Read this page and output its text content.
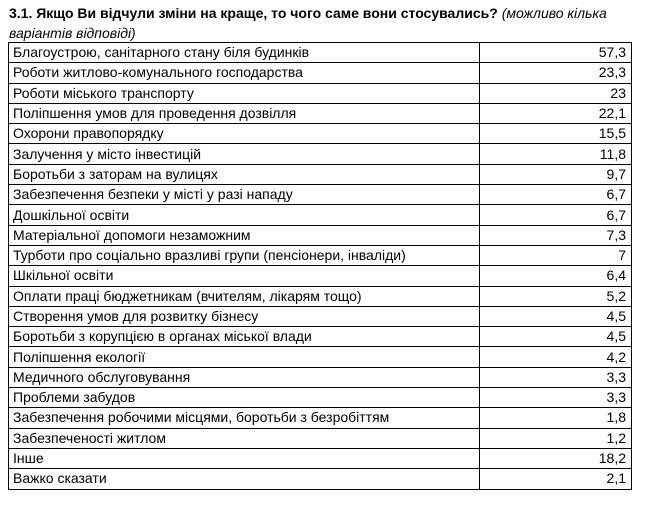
3.1. Якщо Ви відчули зміни на краще, то чого саме вони стосувались? (можливо кілька варіантів відповіді)
Благоустрою, санітарного стану біля будинків	57,3
Роботи житлово-комунального господарства	23,3
Роботи міського транспорту	23
Поліпшення умов для проведення дозвілля	22,1
Охорони правопорядку	15,5
Залучення у місто інвестицій	11,8
Боротьби з заторам на вулицях	9,7
Забезпечення безпеки у місті у разі нападу	6,7
Дошкільної освіти	6,7
Матеріальної допомоги незаможним	7,3
Турботи про соціально вразливі групи (пенсіонери, інваліди)	7
Шкільної освіти	6,4
Оплати праці бюджетникам (вчителям, лікарям тощо)	5,2
Створення умов для розвитку бізнесу	4,5
Боротьби з корупцією в органах міської влади	4,5
Поліпшення екології	4,2
Медичного обслуговування	3,3
Проблеми забудов	3,3
Забезпечення робочими місцями, боротьби з безробіттям	1,8
Забезпеченості житлом	1,2
Інше	18,2
Важко сказати	2,1
